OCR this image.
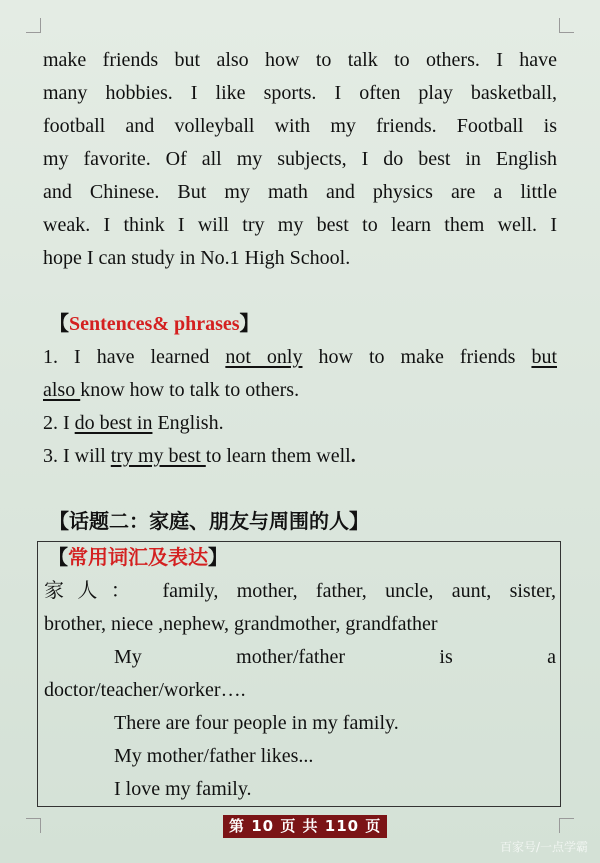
make friends but also how to talk to others. I have
many hobbies. I like sports. I often play basketball,
football and volleyball with my friends. Football is
my favorite. Of all my subjects, I do best in English
and Chinese. But my math and physics are a little
weak. I think I will try my best to learn them well. I
hope I can study in No.1 High School.
【Sentences& phrases】
1. I have learned not only how to make friends but
also know how to talk to others.
2. I do best in English.
3. I will try my best to learn them well.
【话题二：家庭、朋友与周围的人】
【常用词汇及表达】
家人： family, mother, father, uncle, aunt, sister,
brother, niece ,nephew, grandmother, grandfather
My mother/father is a
doctor/teacher/worker….
There are four people in my family.
My mother/father likes...
I love my family.
第 10 页 共 110 页
百家号/一点学霸
